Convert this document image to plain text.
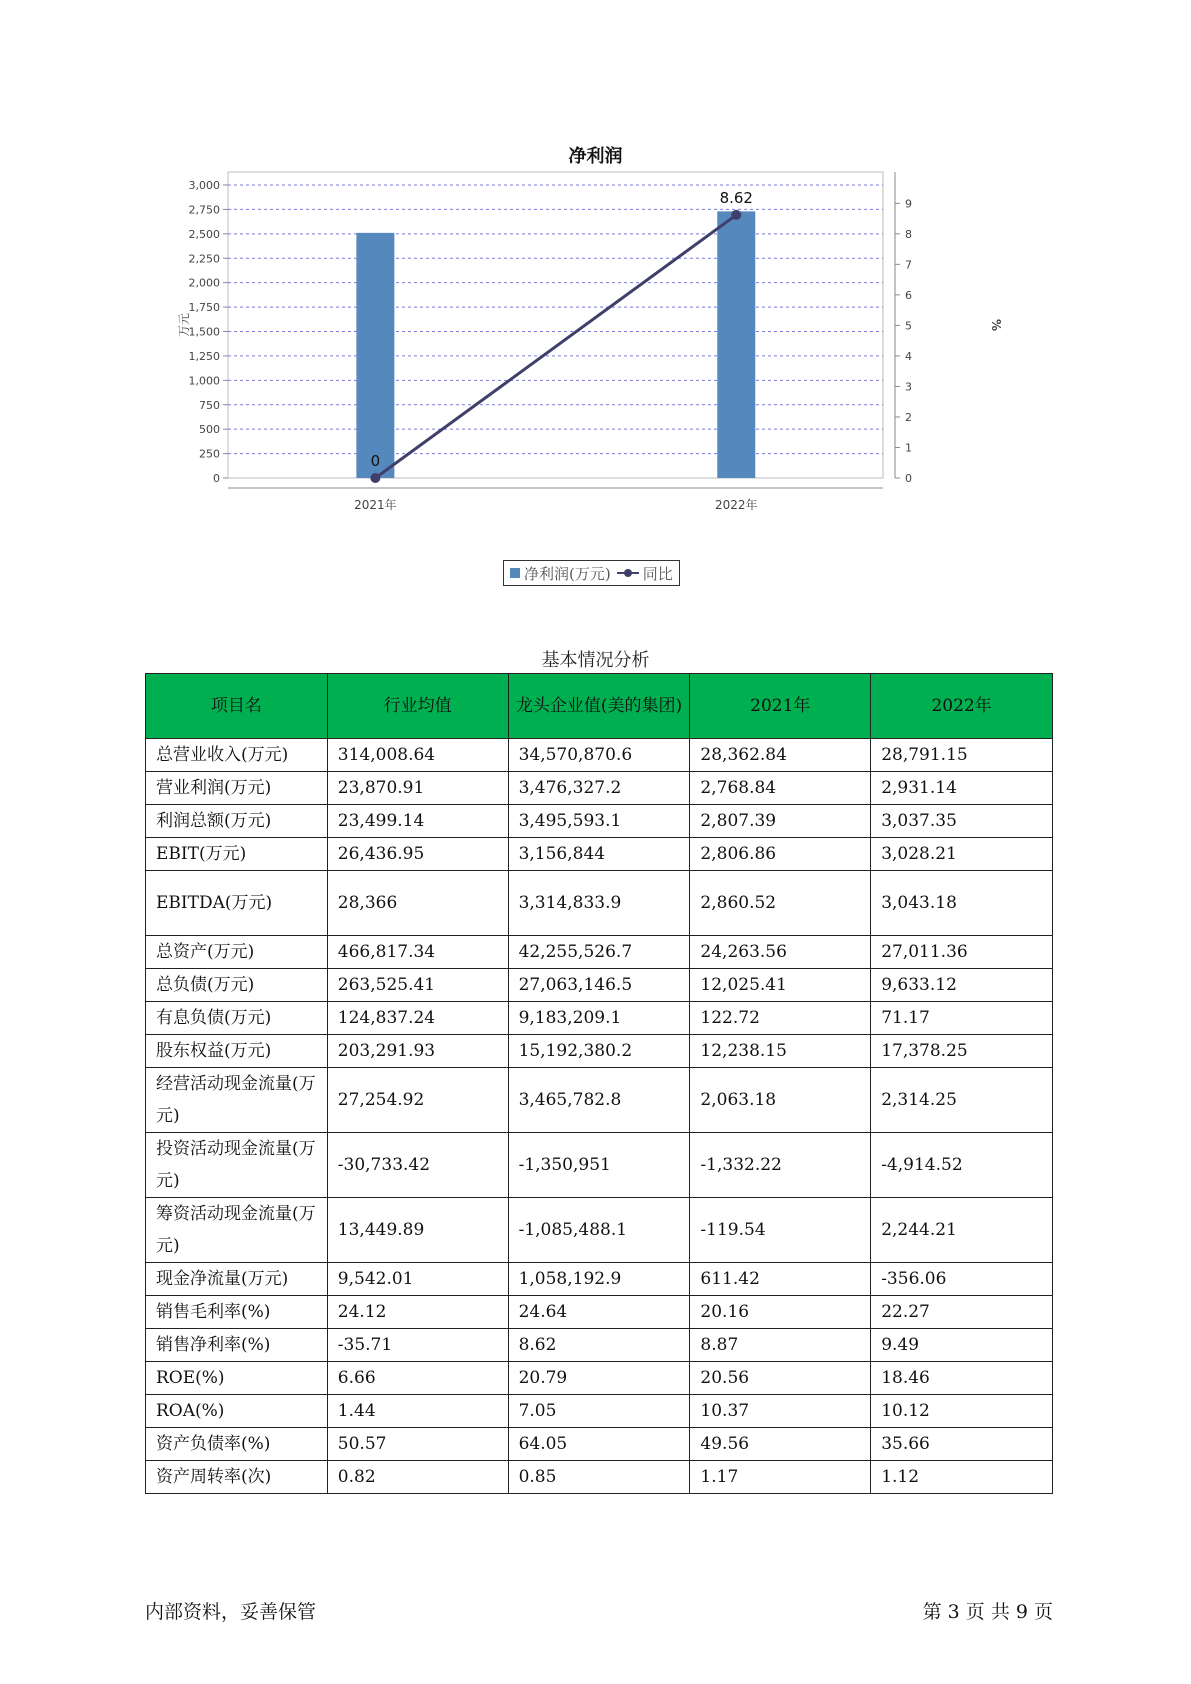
净利润
0
250
500
750
1,000
1,250
1,500
1,750
2,000
2,250
2,500
2,750
3,000
0
1
2
3
4
5
6
7
8
9
万元	%
2021年	2022年
0
8.62
净利润(万元) 同比
基本情况分析
项目名	行业均值	龙头企业值(美的集团)	2021年	2022年
总营业收入(万元)	314,008.64	34,570,870.6	28,362.84	28,791.15
营业利润(万元)	23,870.91	3,476,327.2	2,768.84	2,931.14
利润总额(万元)	23,499.14	3,495,593.1	2,807.39	3,037.35
EBIT(万元)	26,436.95	3,156,844	2,806.86	3,028.21
EBITDA(万元)	28,366	3,314,833.9	2,860.52	3,043.18
总资产(万元)	466,817.34	42,255,526.7	24,263.56	27,011.36
总负债(万元)	263,525.41	27,063,146.5	12,025.41	9,633.12
有息负债(万元)	124,837.24	9,183,209.1	122.72	71.17
股东权益(万元)	203,291.93	15,192,380.2	12,238.15	17,378.25
经营活动现金流量(万元)	27,254.92	3,465,782.8	2,063.18	2,314.25
投资活动现金流量(万元)	-30,733.42	-1,350,951	-1,332.22	-4,914.52
筹资活动现金流量(万元)	13,449.89	-1,085,488.1	-119.54	2,244.21
现金净流量(万元)	9,542.01	1,058,192.9	611.42	-356.06
销售毛利率(%)	24.12	24.64	20.16	22.27
销售净利率(%)	-35.71	8.62	8.87	9.49
ROE(%)	6.66	20.79	20.56	18.46
ROA(%)	1.44	7.05	10.37	10.12
资产负债率(%)	50.57	64.05	49.56	35.66
资产周转率(次)	0.82	0.85	1.17	1.12
内部资料，妥善保管	第 3 页 共 9 页
